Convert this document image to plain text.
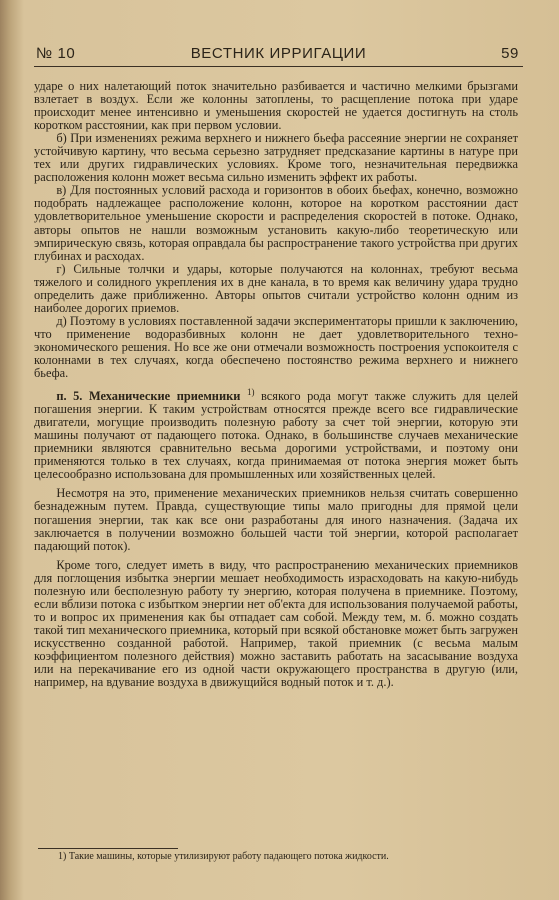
№ 10	ВЕСТНИК ИРРИГАЦИИ	59

ударе о них налетающий поток значительно разбивается и частично мелкими брызгами взлетает в воздух. Если же колонны затоплены, то расщепление потока при ударе происходит менее интенсивно и уменьшения скоростей не удается достигнуть на столь коротком расстоянии, как при первом условии.

б) При изменениях режима верхнего и нижнего бьефа рассеяние энергии не сохраняет устойчивую картину, что весьма серьезно затрудняет предсказание картины в натуре при тех или других гидравлических условиях. Кроме того, незначительная передвижка расположения колонн может весьма сильно изменить эффект их работы.

в) Для постоянных условий расхода и горизонтов в обоих бьефах, конечно, возможно подобрать надлежащее расположение колонн, которое на коротком расстоянии даст удовлетворительное уменьшение скорости и распределения скоростей в потоке. Однако, авторы опытов не нашли возможным установить какую-либо теоретическую или эмпирическую связь, которая оправдала бы распространение такого устройства при других глубинах и расходах.

г) Сильные толчки и удары, которые получаются на колоннах, требуют весьма тяжелого и солидного укрепления их в дне канала, в то время как величину удара трудно определить даже приближенно. Авторы опытов считали устройство колонн одним из наиболее дорогих приемов.

д) Поэтому в условиях поставленной задачи экспериментаторы пришли к заключению, что применение водоразбивных колонн не дает удовлетворительного техно-экономического решения. Но все же они отмечали возможность построения успокоителя с колоннами в тех случаях, когда обеспечено постоянство режима верхнего и нижнего бьефа.

п. 5. Механические приемники $^{1)}$ всякого рода могут также служить для целей погашения энергии. К таким устройствам относятся прежде всего все гидравлические двигатели, могущие производить полезную работу за счет той энергии, которую эти машины получают от падающего потока. Однако, в большинстве случаев механические приемники являются сравнительно весьма дорогими устройствами, и поэтому они применяются только в тех случаях, когда принимаемая от потока энергия может быть целесообразно использована для промышленных или хозяйственных целей.

Несмотря на это, применение механических приемников нельзя считать совершенно безнадежным путем. Правда, существующие типы мало пригодны для прямой цели погашения энергии, так как все они разработаны для иного назначения. (Задача их заключается в получении возможно большей части той энергии, которой располагает падающий поток).

Кроме того, следует иметь в виду, что распространению механических приемников для поглощения избытка энергии мешает необходимость израсходовать на какую-нибудь полезную или бесполезную работу ту энергию, которая получена в приемнике. Поэтому, если вблизи потока с избытком энергии нет об'екта для использования получаемой работы, то и вопрос их применения как бы отпадает сам собой. Между тем, м. б. можно создать такой тип механического приемника, который при всякой обстановке может быть загружен искусственно созданной работой. Например, такой приемник (с весьма малым коэффициентом полезного действия) можно заставить работать на засасывание воздуха или на перекачивание его из одной части окружающего пространства в другую (или, например, на вдувание воздуха в движущийся водный поток и т. д.).

1) Такие машины, которые утилизируют работу падающего потока жидкости.
